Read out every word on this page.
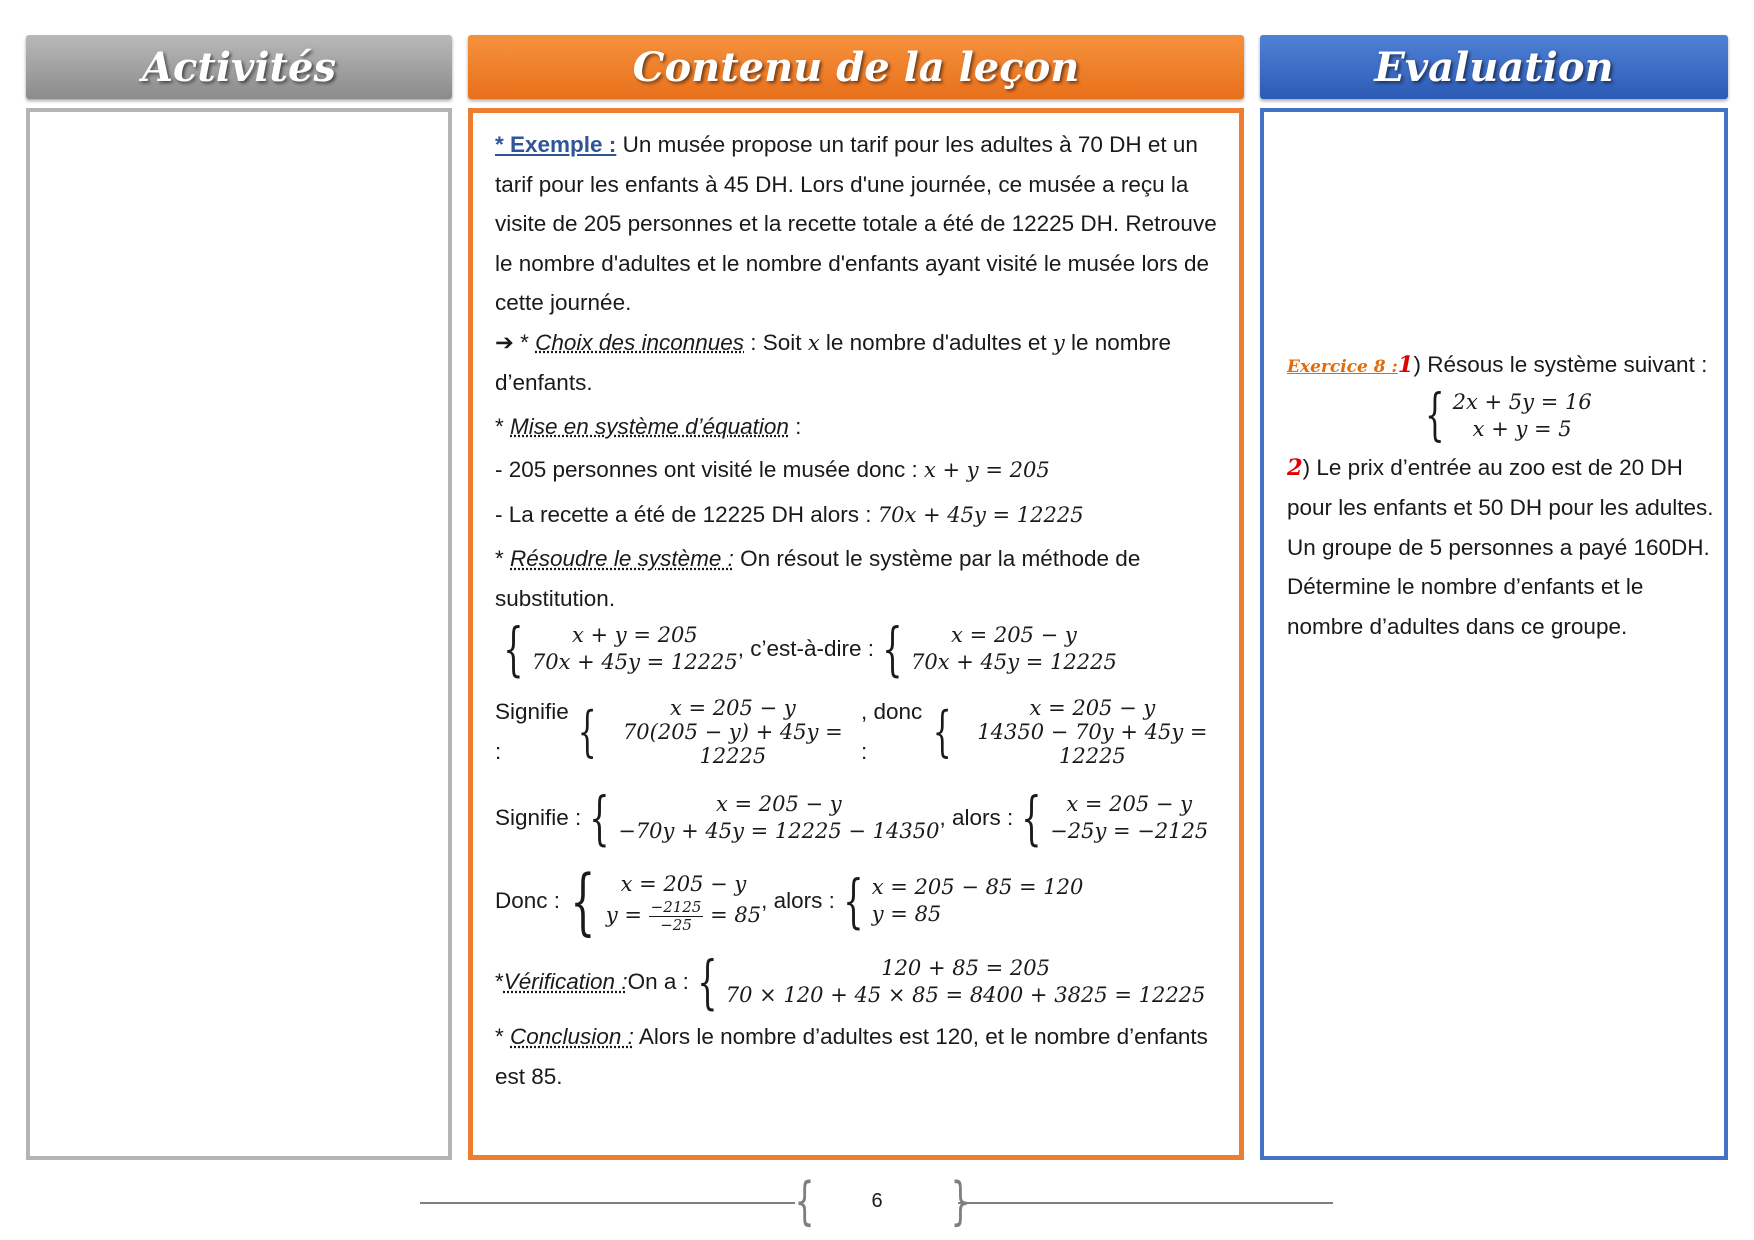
Activités	Contenu de la leçon	Evaluation

* Exemple : Un musée propose un tarif pour les adultes à 70 DH et un tarif pour les enfants à 45 DH. Lors d'une journée, ce musée a reçu la visite de 205 personnes et la recette totale a été de 12225 DH. Retrouve le nombre d'adultes et le nombre d'enfants ayant visité le musée lors de cette journée.

➔ * Choix des inconnues : Soit x le nombre d'adultes et y le nombre d’enfants.

* Mise en système d’équation :

- 205 personnes ont visité le musée donc : x + y = 205

- La recette a été de 12225 DH alors : 70x + 45y = 12225

* Résoudre le système : On résout le système par la méthode de substitution.

{	x + y = 205
70x + 45y = 12225
, c’est-à-dire : {	x = 205 − y
70x + 45y = 12225
Signifie :	{	x = 205 − y
70(205 − y) + 45y = 12225
, donc :	{	x = 205 − y
14350 − 70y + 45y = 12225
Signifie : {	x = 205 − y
−70y + 45y = 12225 − 14350
, alors : {	x = 205 − y
−25y = −2125
Donc : {	x = 205 − y
$y = \frac{-2125}{-25} = 85$
, alors : { x = 205 − 85 = 120
y = 85
* Vérification : On a : {	120 + 85 = 205
70 × 120 + 45 × 85 = 8400 + 3825 = 12225

* Conclusion : Alors le nombre d’adultes est 120, et le nombre d’enfants est 85.

Exercice 8 :1) Résous le système suivant :

{ 2x + 5y = 16
x + y = 5

2) Le prix d’entrée au zoo est de 20 DH pour les enfants et 50 DH pour les adultes.

Un groupe de 5 personnes a payé 160DH.

Détermine le nombre d’enfants et le nombre d’adultes dans ce groupe.

{	}
6
